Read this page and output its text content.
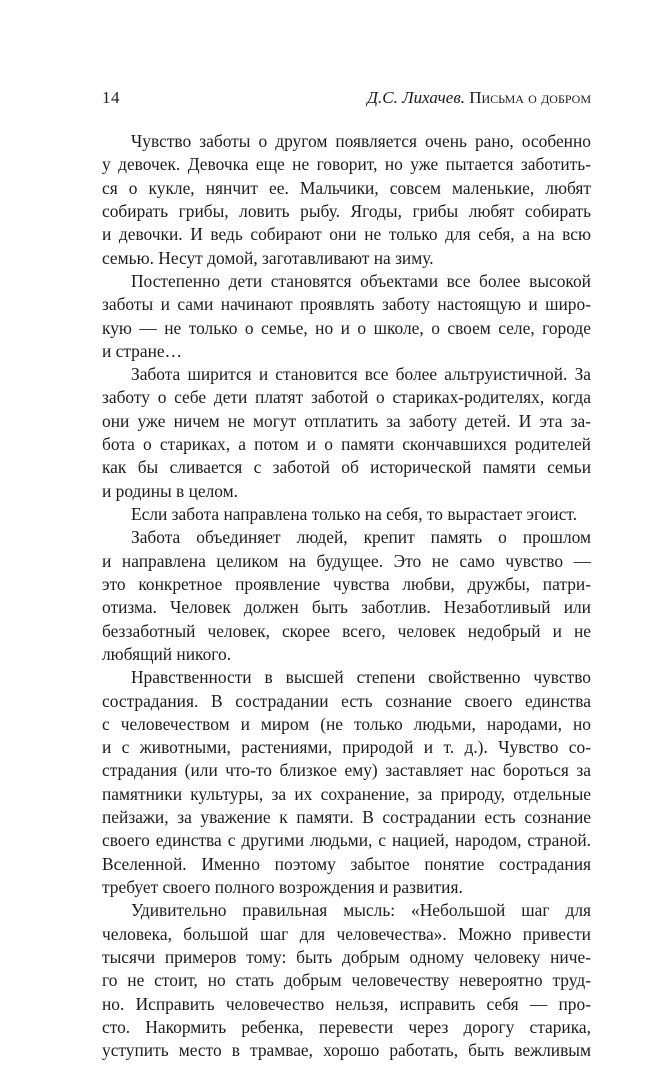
14	Д.С. Лихачев. Письма о добром
Чувство заботы о другом появляется очень рано, особенно
у девочек. Девочка еще не говорит, но уже пытается заботить-
ся о кукле, нянчит ее. Мальчики, совсем маленькие, любят
собирать грибы, ловить рыбу. Ягоды, грибы любят собирать
и девочки. И ведь собирают они не только для себя, а на всю
семью. Несут домой, заготавливают на зиму.
Постепенно дети становятся объектами все более высокой
заботы и сами начинают проявлять заботу настоящую и широ-
кую — не только о семье, но и о школе, о своем селе, городе
и стране…
Забота ширится и становится все более альтруистичной. За
заботу о себе дети платят заботой о стариках-родителях, когда
они уже ничем не могут отплатить за заботу детей. И эта за-
бота о стариках, а потом и о памяти скончавшихся родителей
как бы сливается с заботой об исторической памяти семьи
и родины в целом.
Если забота направлена только на себя, то вырастает эгоист.
Забота объединяет людей, крепит память о прошлом
и направлена целиком на будущее. Это не само чувство —
это конкретное проявление чувства любви, дружбы, патри-
отизма. Человек должен быть заботлив. Незаботливый или
беззаботный человек, скорее всего, человек недобрый и не
любящий никого.
Нравственности в высшей степени свойственно чувство
сострадания. В сострадании есть сознание своего единства
с человечеством и миром (не только людьми, народами, но
и с животными, растениями, природой и т. д.). Чувство со-
страдания (или что-то близкое ему) заставляет нас бороться за
памятники культуры, за их сохранение, за природу, отдельные
пейзажи, за уважение к памяти. В сострадании есть сознание
своего единства с другими людьми, с нацией, народом, страной.
Вселенной. Именно поэтому забытое понятие сострадания
требует своего полного возрождения и развития.
Удивительно правильная мысль: «Небольшой шаг для
человека, большой шаг для человечества». Можно привести
тысячи примеров тому: быть добрым одному человеку ниче-
го не стоит, но стать добрым человечеству невероятно труд-
но. Исправить человечество нельзя, исправить себя — про-
сто. Накормить ребенка, перевести через дорогу старика,
уступить место в трамвае, хорошо работать, быть вежливым
